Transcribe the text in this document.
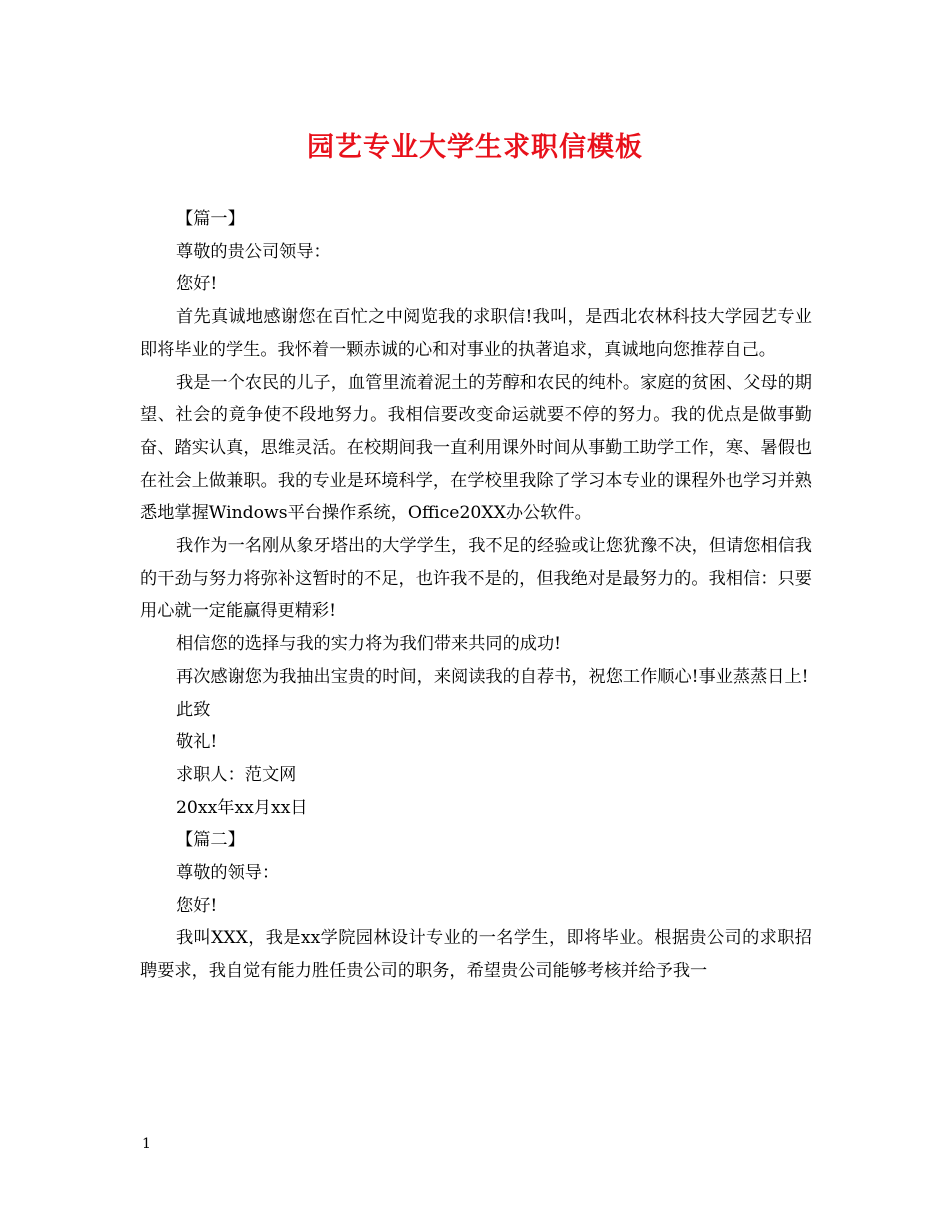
园艺专业大学生求职信模板

【篇一】

尊敬的贵公司领导：

您好!

首先真诚地感谢您在百忙之中阅览我的求职信!我叫，是西北农林科技大学园艺专业即将毕业的学生。我怀着一颗赤诚的心和对事业的执著追求，真诚地向您推荐自己。

我是一个农民的儿子，血管里流着泥土的芳醇和农民的纯朴。家庭的贫困、父母的期望、社会的竟争使不段地努力。我相信要改变命运就要不停的努力。我的优点是做事勤奋、踏实认真，思维灵活。在校期间我一直利用课外时间从事勤工助学工作，寒、暑假也在社会上做兼职。我的专业是环境科学，在学校里我除了学习本专业的课程外也学习并熟悉地掌握Windows平台操作系统，Office20XX办公软件。

我作为一名刚从象牙塔出的大学学生，我不足的经验或让您犹豫不决，但请您相信我的干劲与努力将弥补这暂时的不足，也许我不是的，但我绝对是最努力的。我相信：只要用心就一定能赢得更精彩!

相信您的选择与我的实力将为我们带来共同的成功!

再次感谢您为我抽出宝贵的时间，来阅读我的自荐书，祝您工作顺心!事业蒸蒸日上!

此致

敬礼!

求职人：范文网

20xx年xx月xx日

【篇二】

尊敬的领导：

您好!

我叫XXX，我是xx学院园林设计专业的一名学生，即将毕业。根据贵公司的求职招聘要求，我自觉有能力胜任贵公司的职务，希望贵公司能够考核并给予我一

1
